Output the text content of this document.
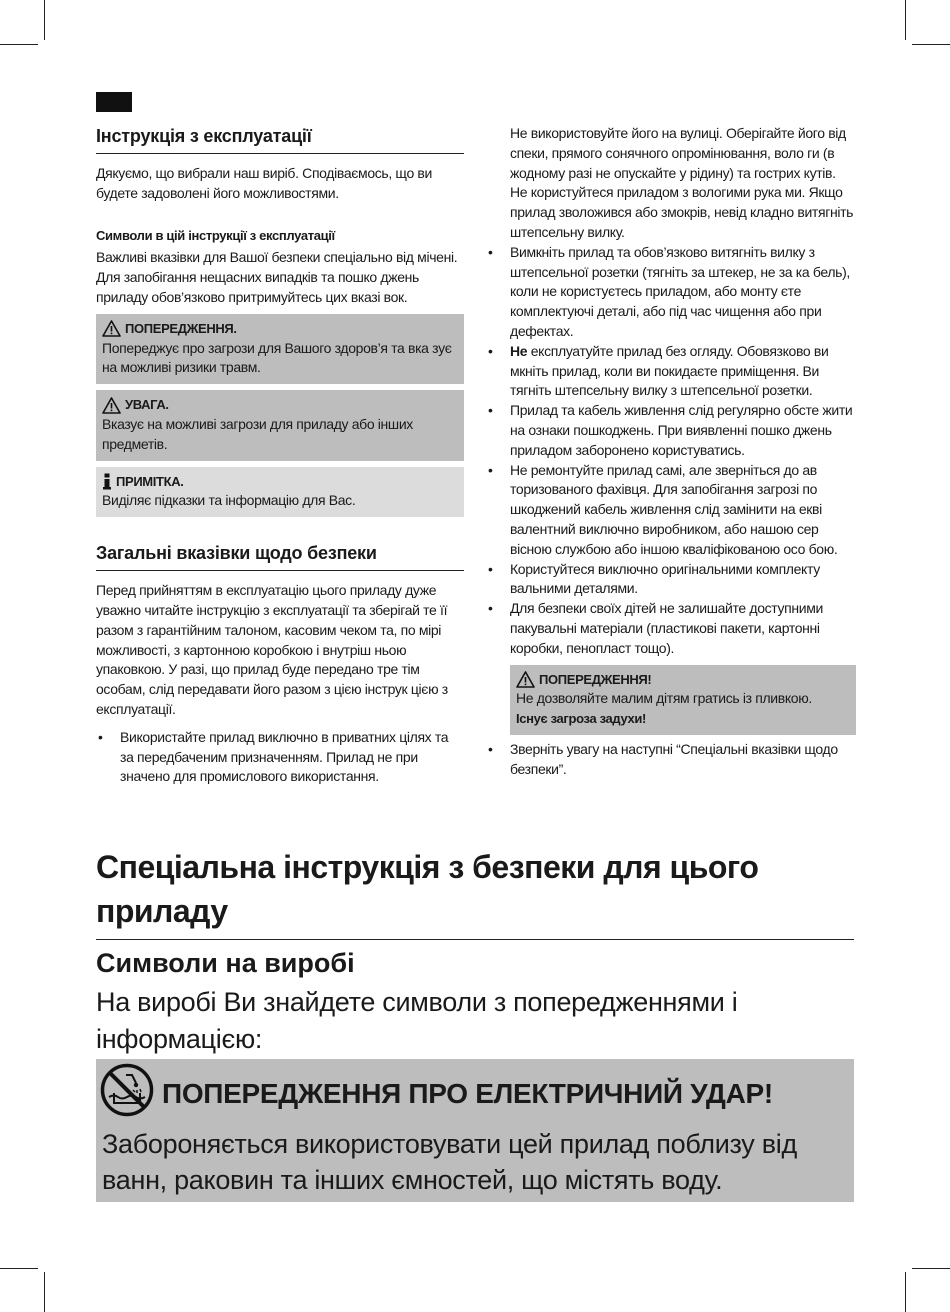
Інструкція з експлуатації

Дякуємо, що вибрали наш виріб. Сподіваємось, що ви будете задоволені його можливостями.

Символи в цій інструкції з експлуатації

Важливі вказівки для Вашої безпеки спеціально від мічені. Для запобігання нещасних випадків та пошко джень приладу обов’язково притримуйтесь цих вказі вок.

ПОПЕРЕДЖЕННЯ.

Попереджує про загрози для Вашого здоров’я та вка зує на можливі ризики травм.

УВАГА.

Вказує на можливі загрози для приладу або інших предметів.

ПРИМІТКА.

Виділяє підказки та інформацію для Вас.

Загальні вказівки щодо безпеки

Перед прийняттям в експлуатацію цього приладу дуже уважно читайте інструкцію з експлуатації та зберігай те її разом з гарантійним талоном, касовим чеком та, по мірі можливості, з картонною коробкою і внутріш ньою упаковкою. У разі, що прилад буде передано тре тім особам, слід передавати його разом з цією інструк цією з експлуатації.

• Використайте прилад виключно в приватних цілях та за передбаченим призначенням. Прилад не при значено для промислового використання.

Не використовуйте його на вулиці. Оберігайте його від спеки, прямого сонячного опромінювання, воло ги (в жодному разі не опускайте у рідину) та гострих кутів. Не користуйтеся приладом з вологими рука ми. Якщо прилад зволожився або змокрів, невід кладно витягніть штепсельну вилку.

• Вимкніть прилад та обов’язково витягніть вилку з штепсельної розетки (тягніть за штекер, не за ка бель), коли не користуєтесь приладом, або монту єте комплектуючі деталі, або під час чищення або при дефектах.
• Не експлуатуйте прилад без огляду. Обовязково ви мкніть прилад, коли ви покидаєте приміщення. Ви тягніть штепсельну вилку з штепсельної розетки.
• Прилад та кабель живлення слід регулярно обсте жити на ознаки пошкоджень. При виявленні пошко джень приладом заборонено користуватись.
• Не ремонтуйте прилад самі, але зверніться до ав торизованого фахівця. Для запобігання загрозі по шкоджений кабель живлення слід замінити на екві валентний виключно виробником, або нашою сер вісною службою або іншою кваліфікованою осо бою.
• Користуйтеся виключно оригінальними комплекту вальними деталями.
• Для безпеки своїх дітей не залишайте доступними пакувальні матеріали (пластикові пакети, картонні коробки, пенопласт тощо).
ПОПЕРЕДЖЕННЯ!

Не дозволяйте малим дітям гратись із пливкою.

Існує загроза задухи!

• Зверніть увагу на наступні “Спеціальні вказівки щодо безпеки”.
Спеціальна інструкція з безпеки для цього приладу
Символи на виробі
На виробі Ви знайдете символи з попередженнями і інформацією:
ПОПЕРЕДЖЕННЯ ПРО ЕЛЕКТРИЧНИЙ УДАР!
Забороняється використовувати цей прилад поблизу від ванн, раковин та інших ємностей, що містять воду.
